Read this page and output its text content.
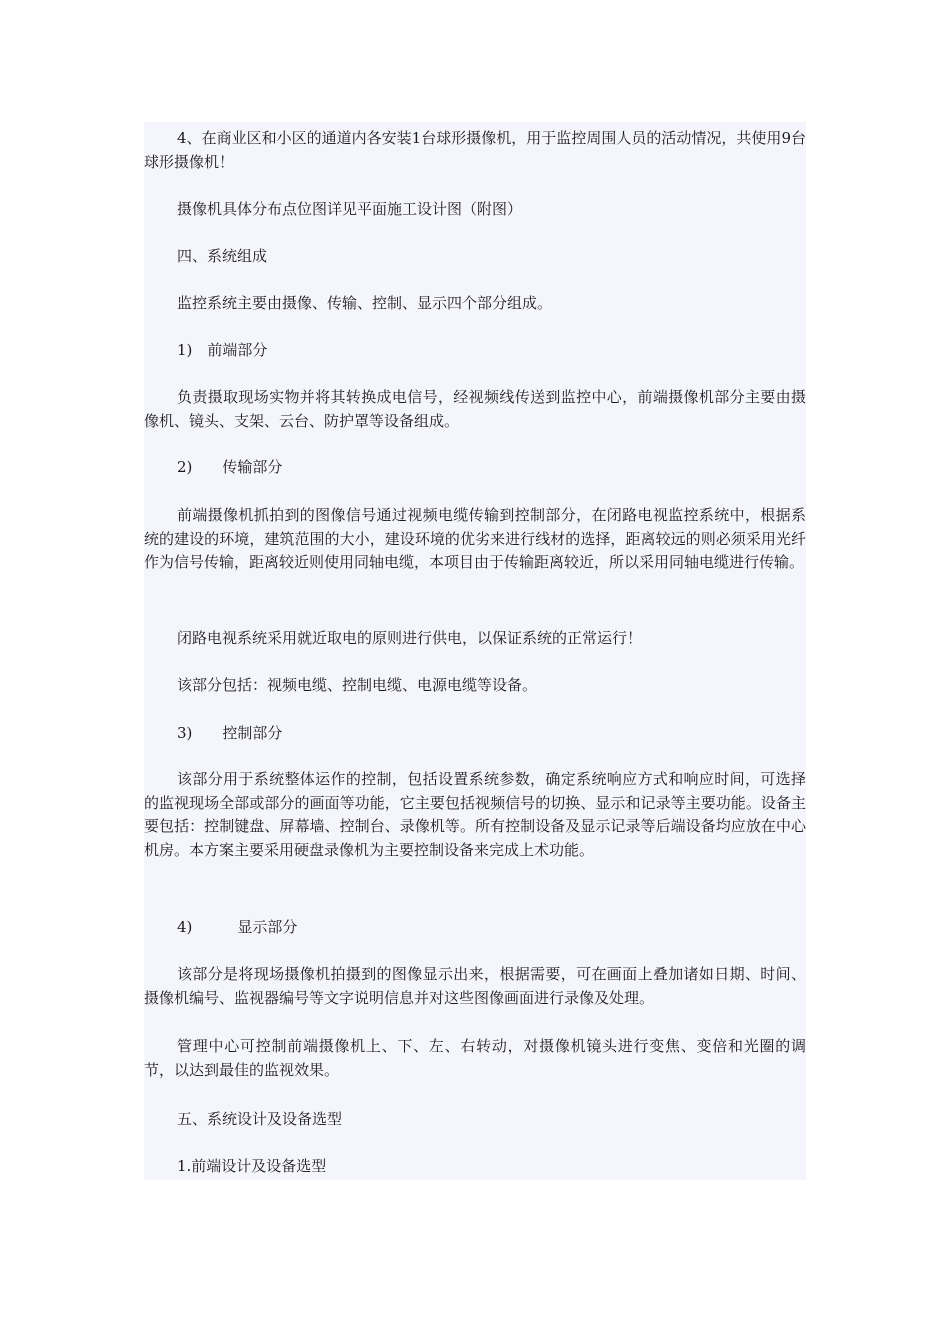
4、在商业区和小区的通道内各安装1台球形摄像机，用于监控周围人员的活动情况，共使用9台球形摄像机！

摄像机具体分布点位图详见平面施工设计图（附图）

四、系统组成

监控系统主要由摄像、传输、控制、显示四个部分组成。

1)　前端部分

负责摄取现场实物并将其转换成电信号，经视频线传送到监控中心，前端摄像机部分主要由摄像机、镜头、支架、云台、防护罩等设备组成。

2)　　传输部分

前端摄像机抓拍到的图像信号通过视频电缆传输到控制部分，在闭路电视监控系统中，根据系统的建设的环境，建筑范围的大小，建设环境的优劣来进行线材的选择，距离较远的则必须采用光纤作为信号传输，距离较近则使用同轴电缆，本项目由于传输距离较近，所以采用同轴电缆进行传输。

闭路电视系统采用就近取电的原则进行供电，以保证系统的正常运行！

该部分包括：视频电缆、控制电缆、电源电缆等设备。

3)　　控制部分

该部分用于系统整体运作的控制，包括设置系统参数，确定系统响应方式和响应时间，可选择的监视现场全部或部分的画面等功能，它主要包括视频信号的切换、显示和记录等主要功能。设备主要包括：控制键盘、屏幕墙、控制台、录像机等。所有控制设备及显示记录等后端设备均应放在中心机房。本方案主要采用硬盘录像机为主要控制设备来完成上术功能。

4)　　　显示部分

该部分是将现场摄像机拍摄到的图像显示出来，根据需要，可在画面上叠加诸如日期、时间、摄像机编号、监视器编号等文字说明信息并对这些图像画面进行录像及处理。

管理中心可控制前端摄像机上、下、左、右转动，对摄像机镜头进行变焦、变倍和光圈的调节，以达到最佳的监视效果。

五、系统设计及设备选型

1.前端设计及设备选型
